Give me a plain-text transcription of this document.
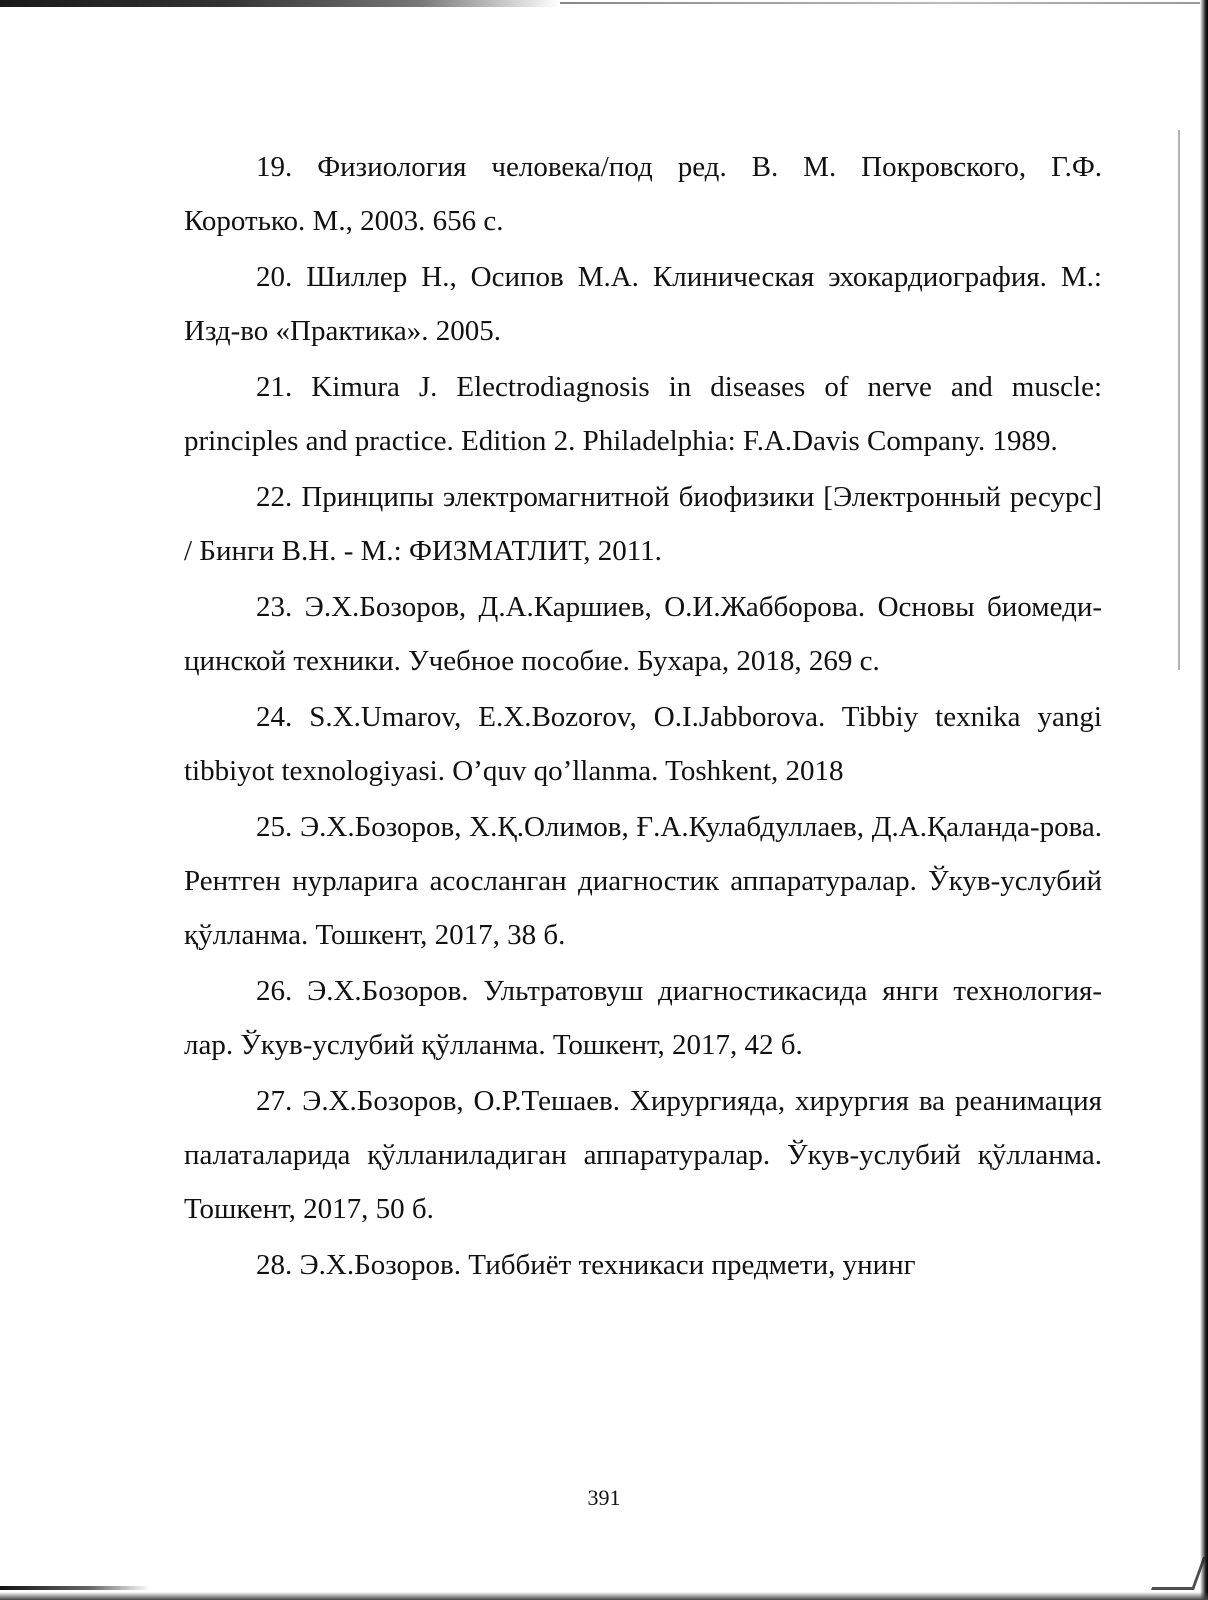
19. Физиология человека/под ред. В. М. Покровского, Г.Ф. Коротько. М., 2003. 656 с.

20. Шиллер Н., Осипов М.А. Клиническая эхокардиография. М.: Изд-во «Практика». 2005.

21. Kimura J. Electrodiagnosis in diseases of nerve and muscle: principles and practice. Edition 2. Philadelphia: F.A.Davis Company. 1989.

22. Принципы электромагнитной биофизики [Электронный ресурс] / Бинги В.Н. - М.: ФИЗМАТЛИТ, 2011.

23. Э.Х.Бозоров, Д.А.Каршиев, О.И.Жабборова. Основы биомеди-цинской техники. Учебное пособие. Бухара, 2018, 269 с.

24. S.X.Umarov, E.X.Bozorov, O.I.Jabborova. Tibbiy texnika yangi tibbiyot texnologiyasi. O’quv qo’llanma. Toshkent, 2018

25. Э.Х.Бозоров, Х.Қ.Олимов, Ғ.А.Кулабдуллаев, Д.А.Қаланда-рова. Рентген нурларига асосланган диагностик аппаратуралар. Ўкув-услубий қўлланма. Тошкент, 2017, 38 б.

26. Э.Х.Бозоров. Ультратовуш диагностикасида янги технология-лар. Ўкув-услубий қўлланма. Тошкент, 2017, 42 б.

27. Э.Х.Бозоров, О.Р.Тешаев. Хирургияда, хирургия ва реанимация палаталарида қўлланиладиган аппаратуралар. Ўкув-услубий қўлланма. Тошкент, 2017, 50 б.

28. Э.Х.Бозоров. Тиббиёт техникаси предмети, унинг

391
